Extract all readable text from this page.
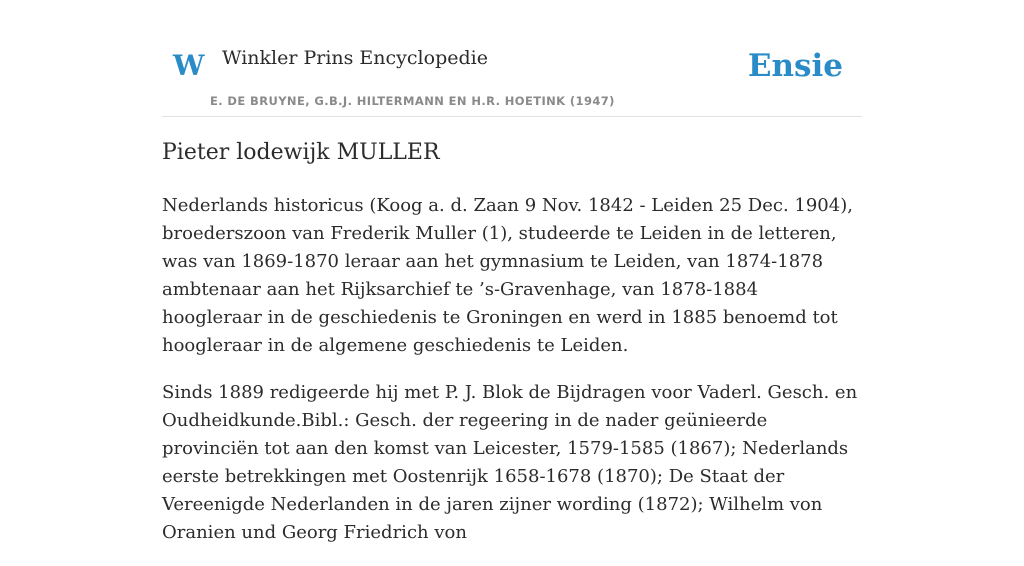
W Winkler Prins Encyclopedie
E. DE BRUYNE, G.B.J. HILTERMANN EN H.R. HOETINK (1947)
Ensie
Pieter lodewijk MULLER

Nederlands historicus (Koog a. d. Zaan 9 Nov. 1842 - Leiden 25 Dec. 1904), broederszoon van Frederik Muller (1), studeerde te Leiden in de letteren, was van 1869-1870 leraar aan het gymnasium te Leiden, van 1874-1878 ambtenaar aan het Rijksarchief te ’s-Gravenhage, van 1878-1884 hoogleraar in de geschiedenis te Groningen en werd in 1885 benoemd tot hoogleraar in de algemene geschiedenis te Leiden.

Sinds 1889 redigeerde hij met P. J. Blok de Bijdragen voor Vaderl. Gesch. en Oudheidkunde.Bibl.: Gesch. der regeering in de nader geünieerde provinciën tot aan den komst van Leicester, 1579-1585 (1867); Nederlands eerste betrekkingen met Oostenrijk 1658-1678 (1870); De Staat der Vereenigde Nederlanden in de jaren zijner wording (1872); Wilhelm von Oranien und Georg Friedrich von
